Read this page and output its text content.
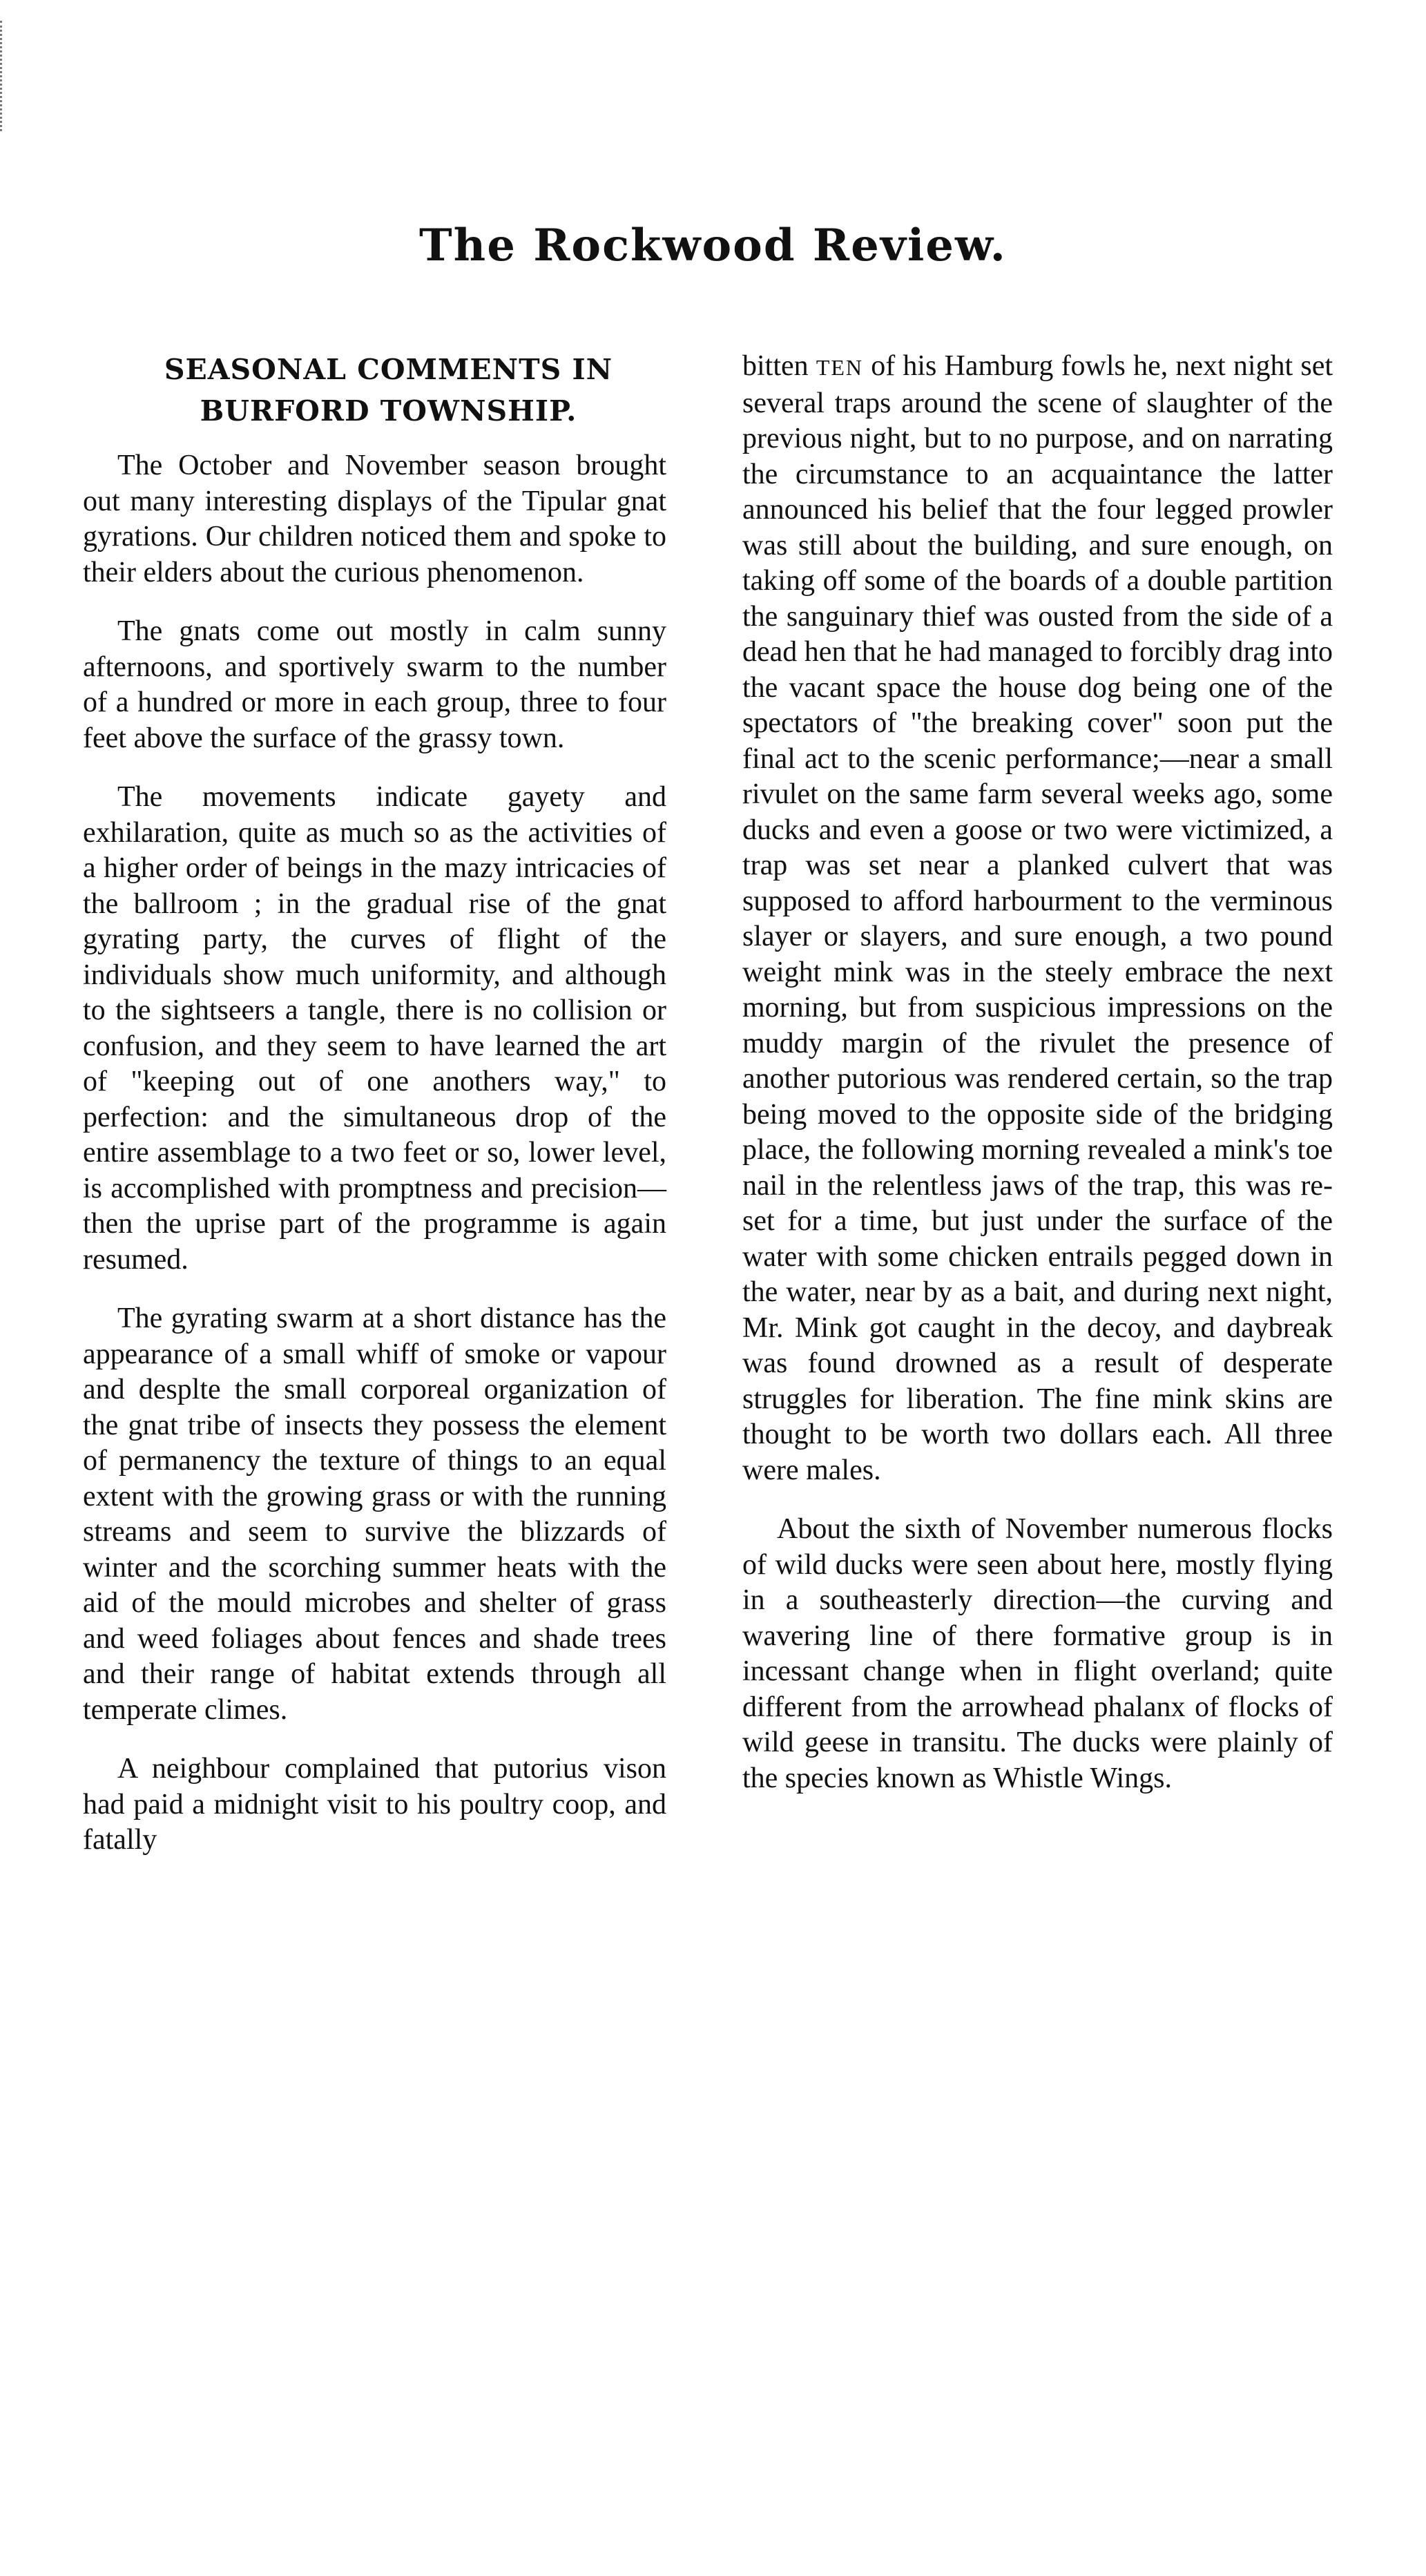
The Rockwood Review.
SEASONAL COMMENTS IN
BURFORD TOWNSHIP.

The October and November season brought out many interesting displays of the Tipular gnat gyrations. Our children noticed them and spoke to their elders about the curious phenomenon.

The gnats come out mostly in calm sunny afternoons, and sportively swarm to the number of a hundred or more in each group, three to four feet above the surface of the grassy town.

The movements indicate gayety and exhilaration, quite as much so as the activities of a higher order of beings in the mazy intricacies of the ballroom ; in the gradual rise of the gnat gyrating party, the curves of flight of the individuals show much uniformity, and although to the sightseers a tangle, there is no collision or confusion, and they seem to have learned the art of "keeping out of one anothers way," to perfection: and the simultaneous drop of the entire assemblage to a two feet or so, lower level, is accomplished with promptness and precision—then the uprise part of the programme is again resumed.

The gyrating swarm at a short distance has the appearance of a small whiff of smoke or vapour and desplte the small corporeal organization of the gnat tribe of insects they possess the element of permanency the texture of things to an equal extent with the growing grass or with the running streams and seem to survive the blizzards of winter and the scorching summer heats with the aid of the mould microbes and shelter of grass and weed foliages about fences and shade trees and their range of habitat extends through all temperate climes.

A neighbour complained that putorius vison had paid a midnight visit to his poultry coop, and fatally

bitten TEN of his Hamburg fowls he, next night set several traps around the scene of slaughter of the previous night, but to no purpose, and on narrating the circumstance to an acquaintance the latter announced his belief that the four legged prowler was still about the building, and sure enough, on taking off some of the boards of a double partition the sanguinary thief was ousted from the side of a dead hen that he had managed to forcibly drag into the vacant space the house dog being one of the spectators of "the breaking cover" soon put the final act to the scenic performance;—near a small rivulet on the same farm several weeks ago, some ducks and even a goose or two were victimized, a trap was set near a planked culvert that was supposed to afford harbourment to the verminous slayer or slayers, and sure enough, a two pound weight mink was in the steely embrace the next morning, but from suspicious impressions on the muddy margin of the rivulet the presence of another putorious was rendered certain, so the trap being moved to the opposite side of the bridging place, the following morning revealed a mink's toe nail in the relentless jaws of the trap, this was re-set for a time, but just under the surface of the water with some chicken entrails pegged down in the water, near by as a bait, and during next night, Mr. Mink got caught in the decoy, and daybreak was found drowned as a result of desperate struggles for liberation. The fine mink skins are thought to be worth two dollars each. All three were males.

About the sixth of November numerous flocks of wild ducks were seen about here, mostly flying in a southeasterly direction—the curving and wavering line of there formative group is in incessant change when in flight overland; quite different from the arrowhead phalanx of flocks of wild geese in transitu. The ducks were plainly of the species known as Whistle Wings.
